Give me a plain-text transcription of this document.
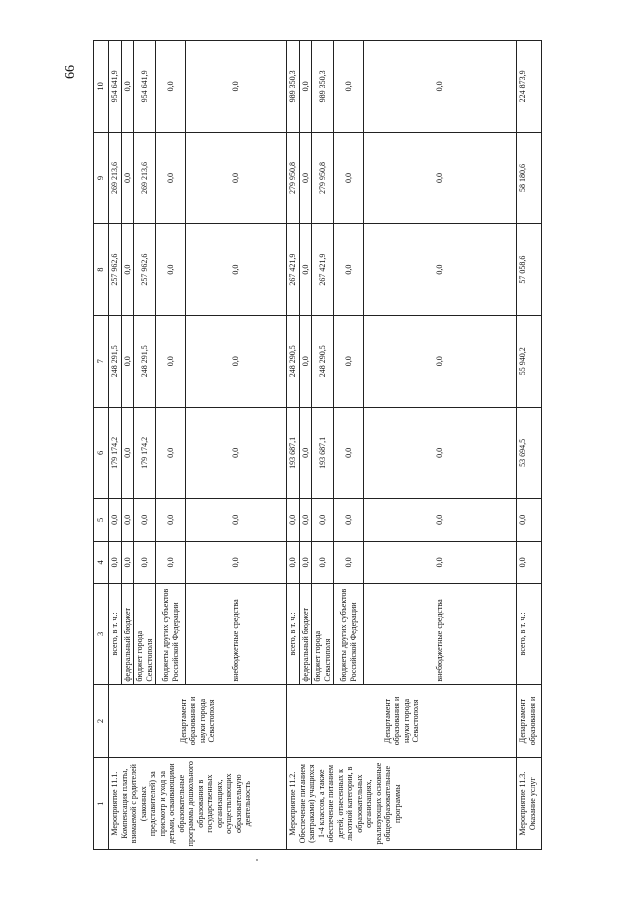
66
1	2	3	4	5	6	7	8	9	10
Мероприятие 11.1. Компенсация платы, взимаемой с родителей (законных представителей) за присмотр и уход за детьми, осваивающими образовательные программы дошкольного образования в государственных организациях, осуществляющих образовательную деятельность	Департамент образования и науки города Севастополя	всего, в т. ч.:	0,0	0,0	179 174,2	248 291,5	257 962,6	269 213,6	954 641,9
		федеральный бюджет	0,0	0,0	0,0	0,0	0,0	0,0	0,0
		бюджет города Севастополя	0,0	0,0	179 174,2	248 291,5	257 962,6	269 213,6	954 641,9
		бюджеты других субъектов Российской Федерации	0,0	0,0	0,0	0,0	0,0	0,0	0,0
		внебюджетные средства	0,0	0,0	0,0	0,0	0,0	0,0	0,0
Мероприятие 11.2. Обеспечение питанием (завтраками) учащихся 1-4 классов, а также обеспечение питанием детей, отнесенных к льготной категории, в образовательных организациях, реализующих основные общеобразовательные программы	Департамент образования и науки города Севастополя	всего, в т. ч.:	0,0	0,0	193 687,1	248 290,5	267 421,9	279 950,8	989 350,3
		федеральный бюджет	0,0	0,0	0,0	0,0	0,0	0,0	0,0
		бюджет города Севастополя	0,0	0,0	193 687,1	248 290,5	267 421,9	279 950,8	989 350,3
		бюджеты других субъектов Российской Федерации	0,0	0,0	0,0	0,0	0,0	0,0	0,0
		внебюджетные средства	0,0	0,0	0,0	0,0	0,0	0,0	0,0
Мероприятие 11.3. Оказание услуг	Департамент образования и	всего, в т. ч.:	0,0	0,0	53 694,5	55 940,2	57 058,6	58 180,6	224 873,9
